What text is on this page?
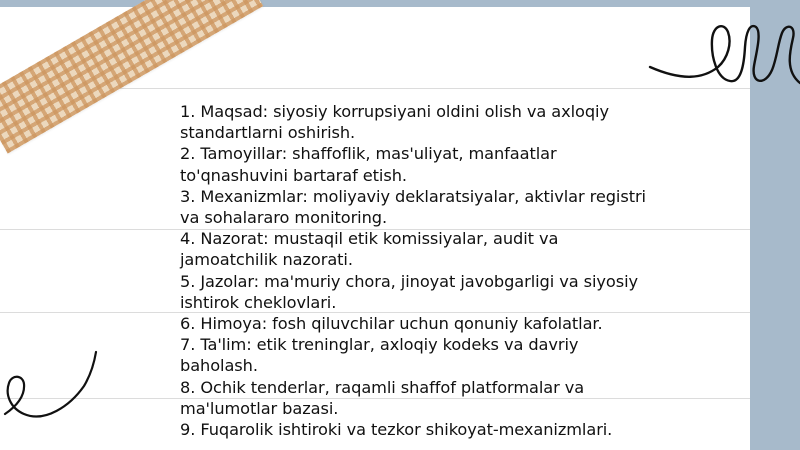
1. Maqsad: siyosiy korrupsiyani oldini olish va axloqiy standartlarni oshirish.

2. Tamoyillar: shaffoflik, mas'uliyat, manfaatlar to'qnashuvini bartaraf etish.

3. Mexanizmlar: moliyaviy deklaratsiyalar, aktivlar registri va sohalararo monitoring.

4. Nazorat: mustaqil etik komissiyalar, audit va jamoatchilik nazorati.

5. Jazolar: ma'muriy chora, jinoyat javobgarligi va siyosiy ishtirok cheklovlari.

6. Himoya: fosh qiluvchilar uchun qonuniy kafolatlar.

7. Ta'lim: etik treninglar, axloqiy kodeks va davriy baholash.

8. Ochik tenderlar, raqamli shaffof platformalar va ma'lumotlar bazasi.

9. Fuqarolik ishtiroki va tezkor shikoyat-mexanizmlari.
